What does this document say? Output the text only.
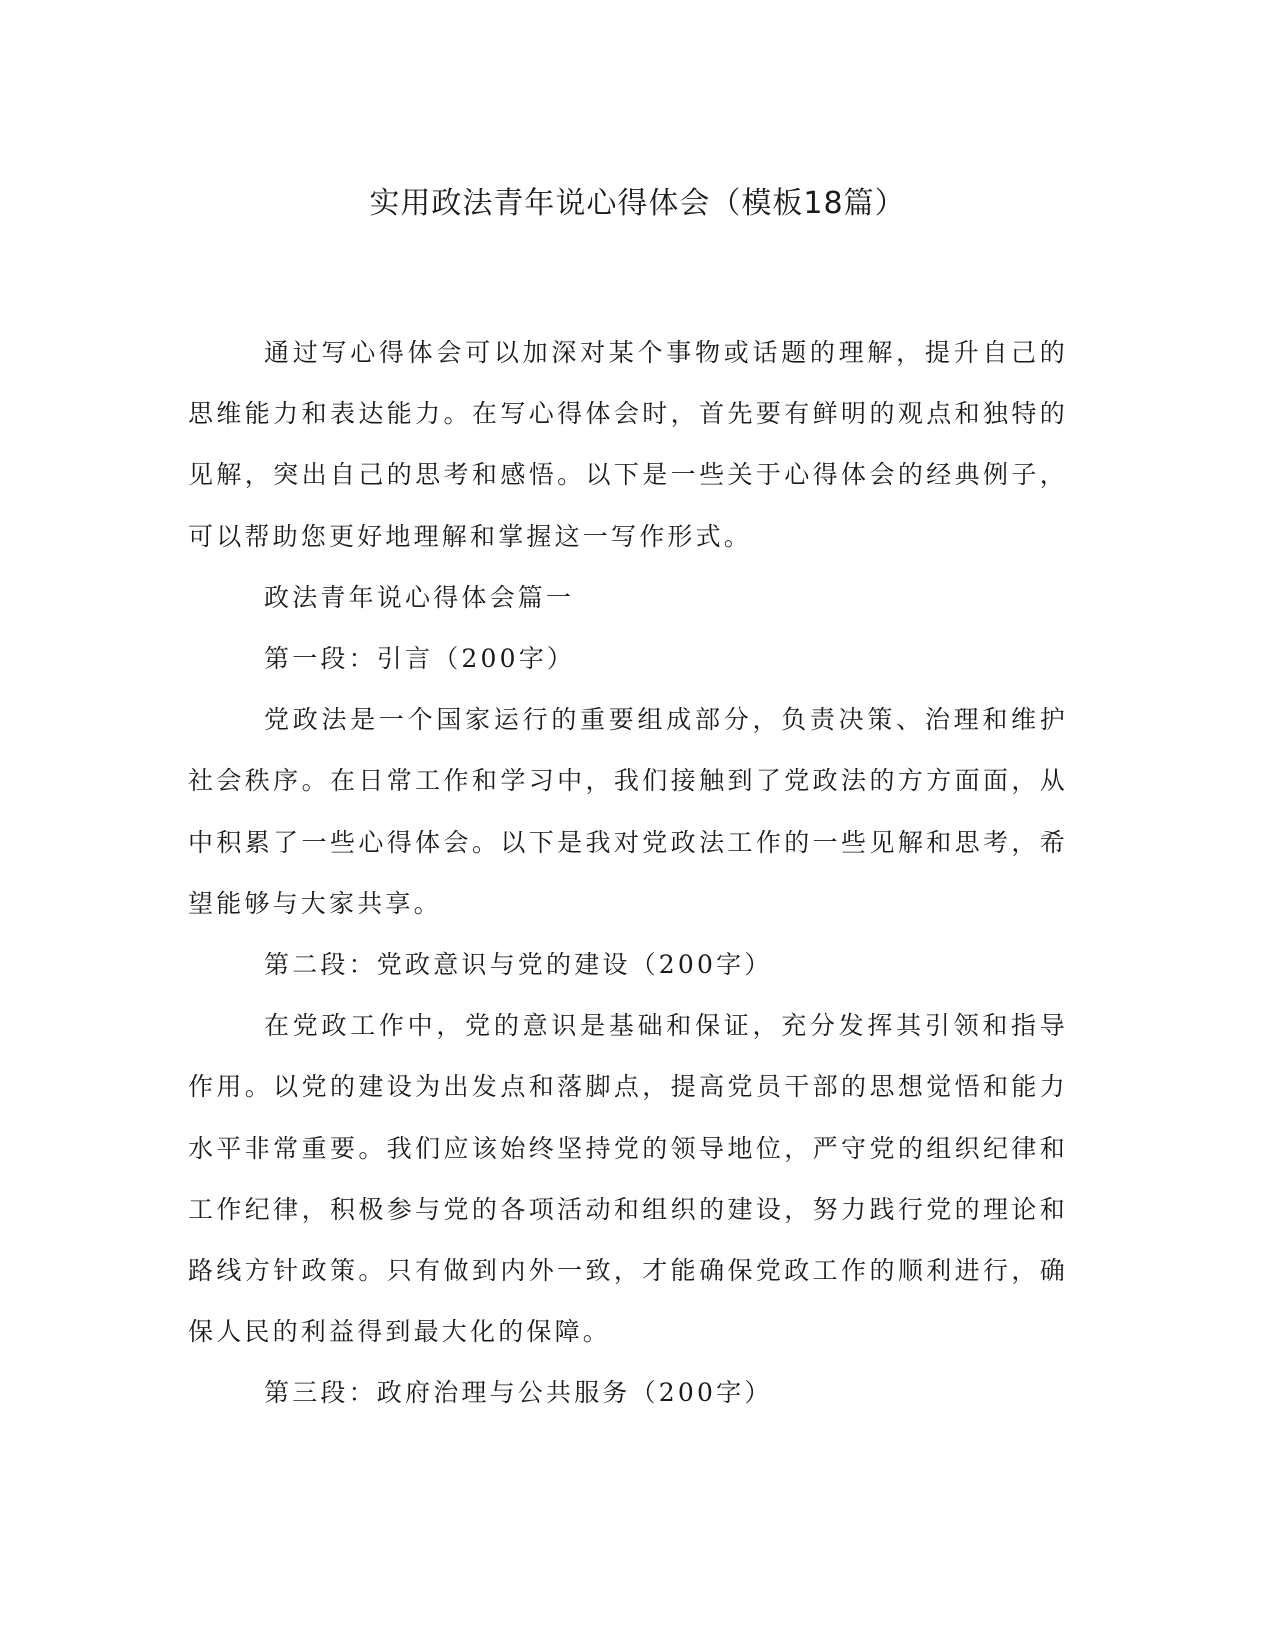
实用政法青年说心得体会（模板18篇）

通过写心得体会可以加深对某个事物或话题的理解，提升自己的思维能力和表达能力。在写心得体会时，首先要有鲜明的观点和独特的见解，突出自己的思考和感悟。以下是一些关于心得体会的经典例子，可以帮助您更好地理解和掌握这一写作形式。

政法青年说心得体会篇一

第一段：引言（200字）

党政法是一个国家运行的重要组成部分，负责决策、治理和维护社会秩序。在日常工作和学习中，我们接触到了党政法的方方面面，从中积累了一些心得体会。以下是我对党政法工作的一些见解和思考，希望能够与大家共享。

第二段：党政意识与党的建设（200字）

在党政工作中，党的意识是基础和保证，充分发挥其引领和指导作用。以党的建设为出发点和落脚点，提高党员干部的思想觉悟和能力水平非常重要。我们应该始终坚持党的领导地位，严守党的组织纪律和工作纪律，积极参与党的各项活动和组织的建设，努力践行党的理论和路线方针政策。只有做到内外一致，才能确保党政工作的顺利进行，确保人民的利益得到最大化的保障。

第三段：政府治理与公共服务（200字）
